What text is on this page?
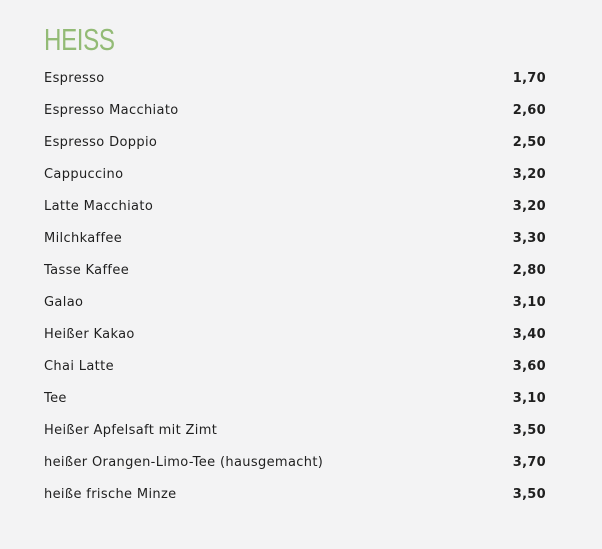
HEISS
Espresso	1,70
Espresso Macchiato	2,60
Espresso Doppio	2,50
Cappuccino	3,20
Latte Macchiato	3,20
Milchkaffee	3,30
Tasse Kaffee	2,80
Galao	3,10
Heißer Kakao	3,40
Chai Latte	3,60
Tee	3,10
Heißer Apfelsaft mit Zimt	3,50
heißer Orangen-Limo-Tee (hausgemacht)	3,70
heiße frische Minze	3,50
